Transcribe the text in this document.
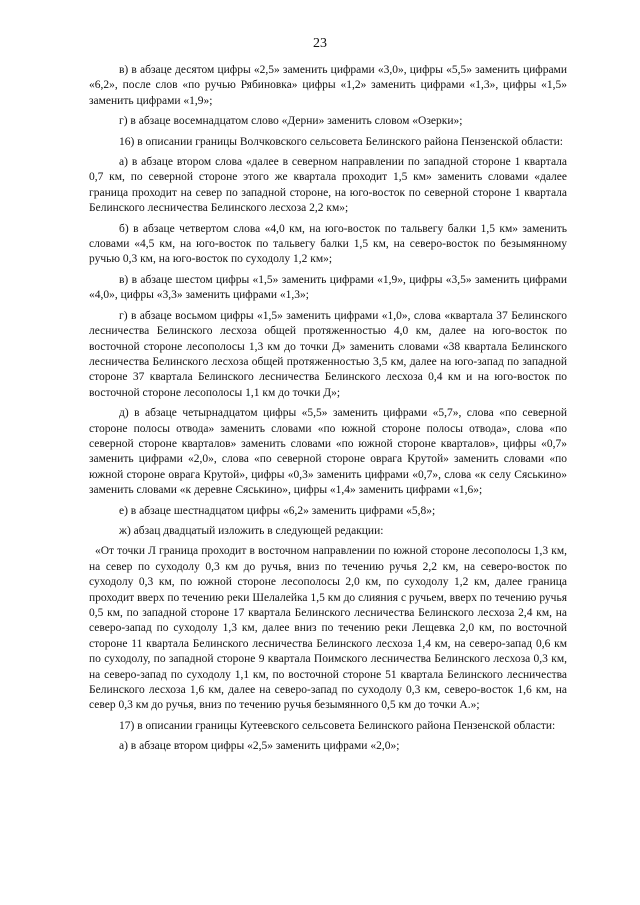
23

в) в абзаце десятом цифры «2,5» заменить цифрами «3,0», цифры «5,5» заменить цифрами «6,2», после слов «по ручью Рябиновка» цифры «1,2» заменить цифрами «1,3», цифры «1,5» заменить цифрами «1,9»;

г) в абзаце восемнадцатом слово «Дерни» заменить словом «Озерки»;

16) в описании границы Волчковского сельсовета Белинского района Пензенской области:

а) в абзаце втором слова «далее в северном направлении по западной стороне 1 квартала 0,7 км, по северной стороне этого же квартала проходит 1,5 км» заменить словами «далее граница проходит на север по западной стороне, на юго-восток по северной стороне 1 квартала Белинского лесничества Белинского лесхоза 2,2 км»;

б) в абзаце четвертом слова «4,0 км, на юго-восток по тальвегу балки 1,5 км» заменить словами «4,5 км, на юго-восток по тальвегу балки 1,5 км, на северо-восток по безымянному ручью 0,3 км, на юго-восток по суходолу 1,2 км»;

в) в абзаце шестом цифры «1,5» заменить цифрами «1,9», цифры «3,5» заменить цифрами «4,0», цифры «3,3» заменить цифрами «1,3»;

г) в абзаце восьмом цифры «1,5» заменить цифрами «1,0», слова «квартала 37 Белинского лесничества Белинского лесхоза общей протяженностью 4,0 км, далее на юго-восток по восточной стороне лесополосы 1,3 км до точки Д» заменить словами «38 квартала Белинского лесничества Белинского лесхоза общей протяженностью 3,5 км, далее на юго-запад по западной стороне 37 квартала Белинского лесничества Белинского лесхоза 0,4 км и на юго-восток по восточной стороне лесополосы 1,1 км до точки Д»;

д) в абзаце четырнадцатом цифры «5,5» заменить цифрами «5,7», слова «по северной стороне полосы отвода» заменить словами «по южной стороне полосы отвода», слова «по северной стороне кварталов» заменить словами «по южной стороне кварталов», цифры «0,7» заменить цифрами «2,0», слова «по северной стороне оврага Крутой» заменить словами «по южной стороне оврага Крутой», цифры «0,3» заменить цифрами «0,7», слова «к селу Сяськино» заменить словами «к деревне Сяськино», цифры «1,4» заменить цифрами «1,6»;

е) в абзаце шестнадцатом цифры «6,2» заменить цифрами «5,8»;

ж) абзац двадцатый изложить в следующей редакции:

«От точки Л граница проходит в восточном направлении по южной стороне лесополосы 1,3 км, на север по суходолу 0,3 км до ручья, вниз по течению ручья 2,2 км, на северо-восток по суходолу 0,3 км, по южной стороне лесополосы 2,0 км, по суходолу 1,2 км, далее граница проходит вверх по течению реки Шелалейка 1,5 км до слияния с ручьем, вверх по течению ручья 0,5 км, по западной стороне 17 квартала Белинского лесничества Белинского лесхоза 2,4 км, на северо-запад по суходолу 1,3 км, далее вниз по течению реки Лещевка 2,0 км, по восточной стороне 11 квартала Белинского лесничества Белинского лесхоза 1,4 км, на северо-запад 0,6 км по суходолу, по западной стороне 9 квартала Поимского лесничества Белинского лесхоза 0,3 км, на северо-запад по суходолу 1,1 км, по восточной стороне 51 квартала Белинского лесничества Белинского лесхоза 1,6 км, далее на северо-запад по суходолу 0,3 км, северо-восток 1,6 км, на север 0,3 км до ручья, вниз по течению ручья безымянного 0,5 км до точки А.»;

17) в описании границы Кутеевского сельсовета Белинского района Пензенской области:

а) в абзаце втором цифры «2,5» заменить цифрами «2,0»;
